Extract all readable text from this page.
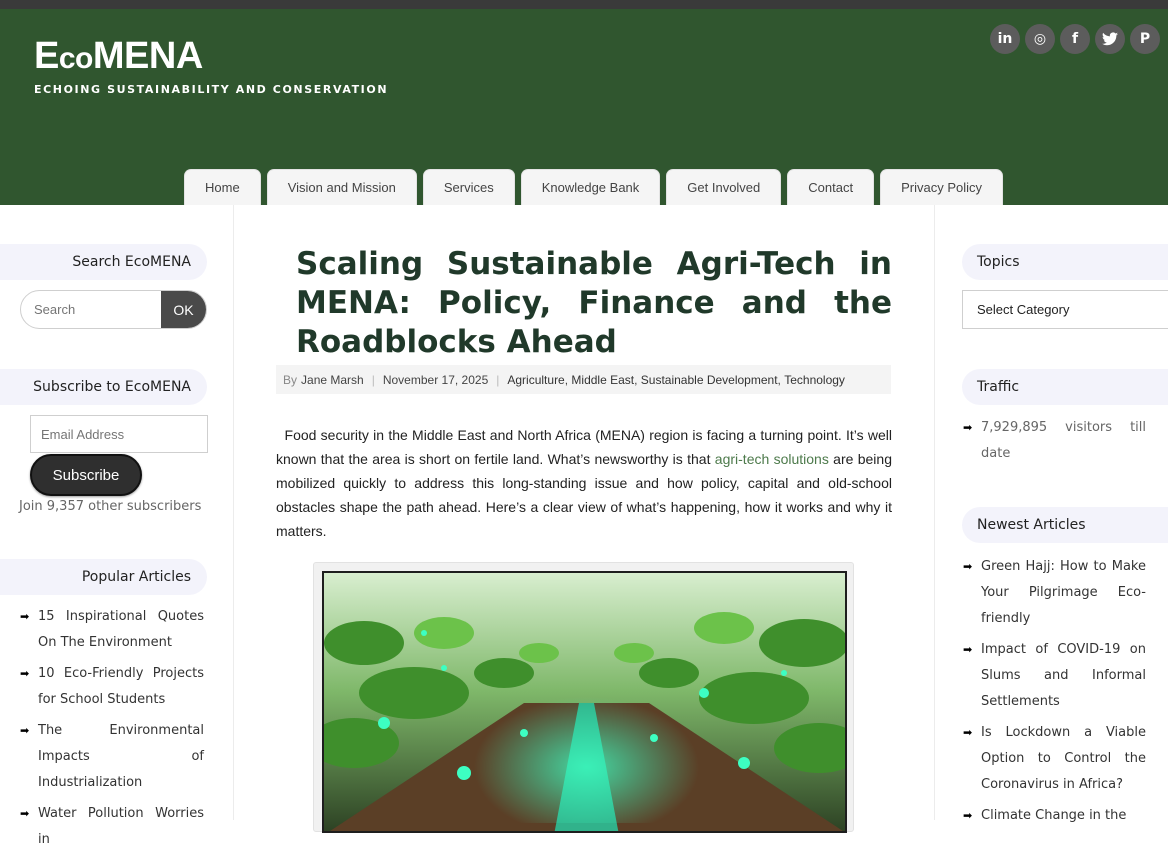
EcoMENA
ECHOING SUSTAINABILITY AND CONSERVATION
in	◎	f	P
Home	Vision and Mission	Services	Knowledge Bank	Get Involved	Contact	Privacy Policy
Search EcoMENA
Search
OK
Subscribe to EcoMENA
Email Address
Subscribe
Join 9,357 other subscribers
Popular Articles
➡ 15 Inspirational Quotes On The Environment
➡ 10 Eco-Friendly Projects for School Students
➡ The Environmental Impacts of Industrialization
➡ Water Pollution Worries in
Scaling Sustainable Agri-Tech in MENA: Policy, Finance and the Roadblocks Ahead
By Jane Marsh | November 17, 2025 | Agriculture , Middle East , Sustainable Development , Technology

Food security in the Middle East and North Africa (MENA) region is facing a turning point. It’s well known that the area is short on fertile land. What’s newsworthy is that agri-tech solutions are being mobilized quickly to address this long-standing issue and how policy, capital and old-school obstacles shape the path ahead. Here’s a clear view of what’s happening, how it works and why it matters.

Topics
Select Category
Traffic
➡ 7,929,895 visitors till date
Newest Articles
➡ Green Hajj: How to Make Your Pilgrimage Eco-friendly
➡ Impact of COVID-19 on Slums and Informal Settlements
➡ Is Lockdown a Viable Option to Control the Coronavirus in Africa?
➡ Climate Change in the
